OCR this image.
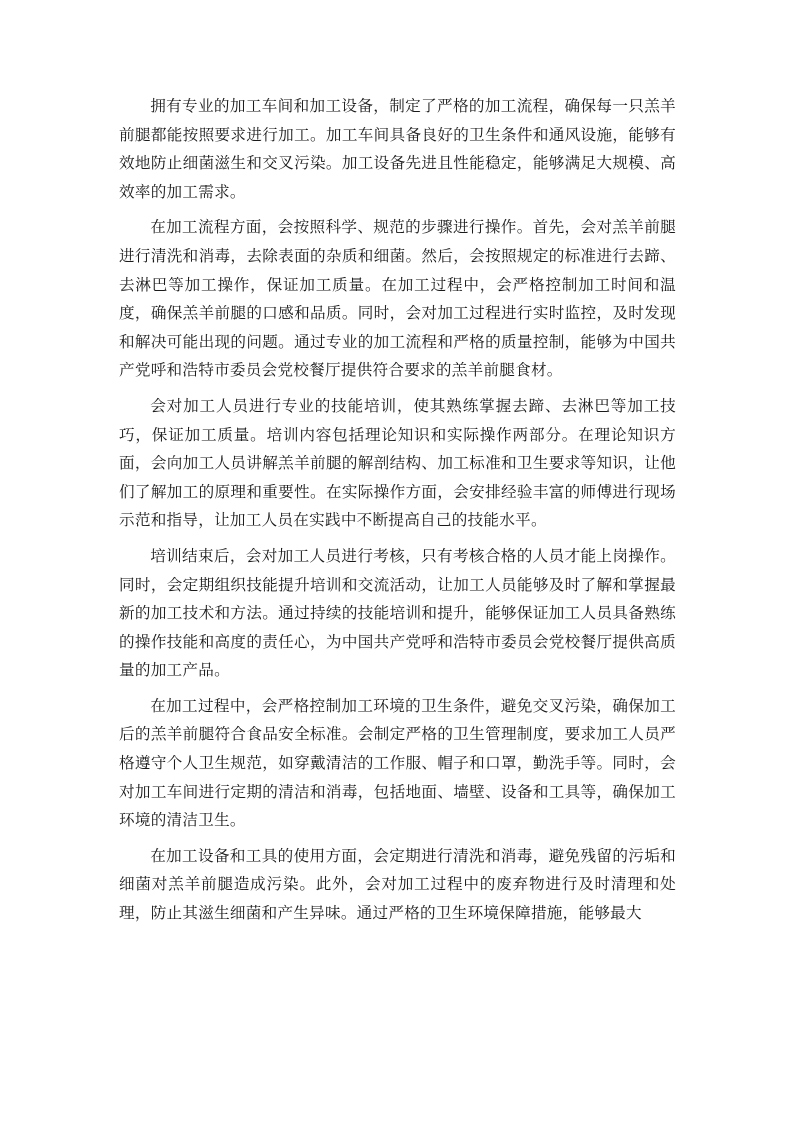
拥有专业的加工车间和加工设备，制定了严格的加工流程，确保每一只羔羊前腿都能按照要求进行加工。加工车间具备良好的卫生条件和通风设施，能够有效地防止细菌滋生和交叉污染。加工设备先进且性能稳定，能够满足大规模、高效率的加工需求。

在加工流程方面，会按照科学、规范的步骤进行操作。首先，会对羔羊前腿进行清洗和消毒，去除表面的杂质和细菌。然后，会按照规定的标准进行去蹄、去淋巴等加工操作，保证加工质量。在加工过程中，会严格控制加工时间和温度，确保羔羊前腿的口感和品质。同时，会对加工过程进行实时监控，及时发现和解决可能出现的问题。通过专业的加工流程和严格的质量控制，能够为中国共产党呼和浩特市委员会党校餐厅提供符合要求的羔羊前腿食材。

会对加工人员进行专业的技能培训，使其熟练掌握去蹄、去淋巴等加工技巧，保证加工质量。培训内容包括理论知识和实际操作两部分。在理论知识方面，会向加工人员讲解羔羊前腿的解剖结构、加工标准和卫生要求等知识，让他们了解加工的原理和重要性。在实际操作方面，会安排经验丰富的师傅进行现场示范和指导，让加工人员在实践中不断提高自己的技能水平。

培训结束后，会对加工人员进行考核，只有考核合格的人员才能上岗操作。同时，会定期组织技能提升培训和交流活动，让加工人员能够及时了解和掌握最新的加工技术和方法。通过持续的技能培训和提升，能够保证加工人员具备熟练的操作技能和高度的责任心，为中国共产党呼和浩特市委员会党校餐厅提供高质量的加工产品。

在加工过程中，会严格控制加工环境的卫生条件，避免交叉污染，确保加工后的羔羊前腿符合食品安全标准。会制定严格的卫生管理制度，要求加工人员严格遵守个人卫生规范，如穿戴清洁的工作服、帽子和口罩，勤洗手等。同时，会对加工车间进行定期的清洁和消毒，包括地面、墙壁、设备和工具等，确保加工环境的清洁卫生。

在加工设备和工具的使用方面，会定期进行清洗和消毒，避免残留的污垢和细菌对羔羊前腿造成污染。此外，会对加工过程中的废弃物进行及时清理和处理，防止其滋生细菌和产生异味。通过严格的卫生环境保障措施，能够最大
